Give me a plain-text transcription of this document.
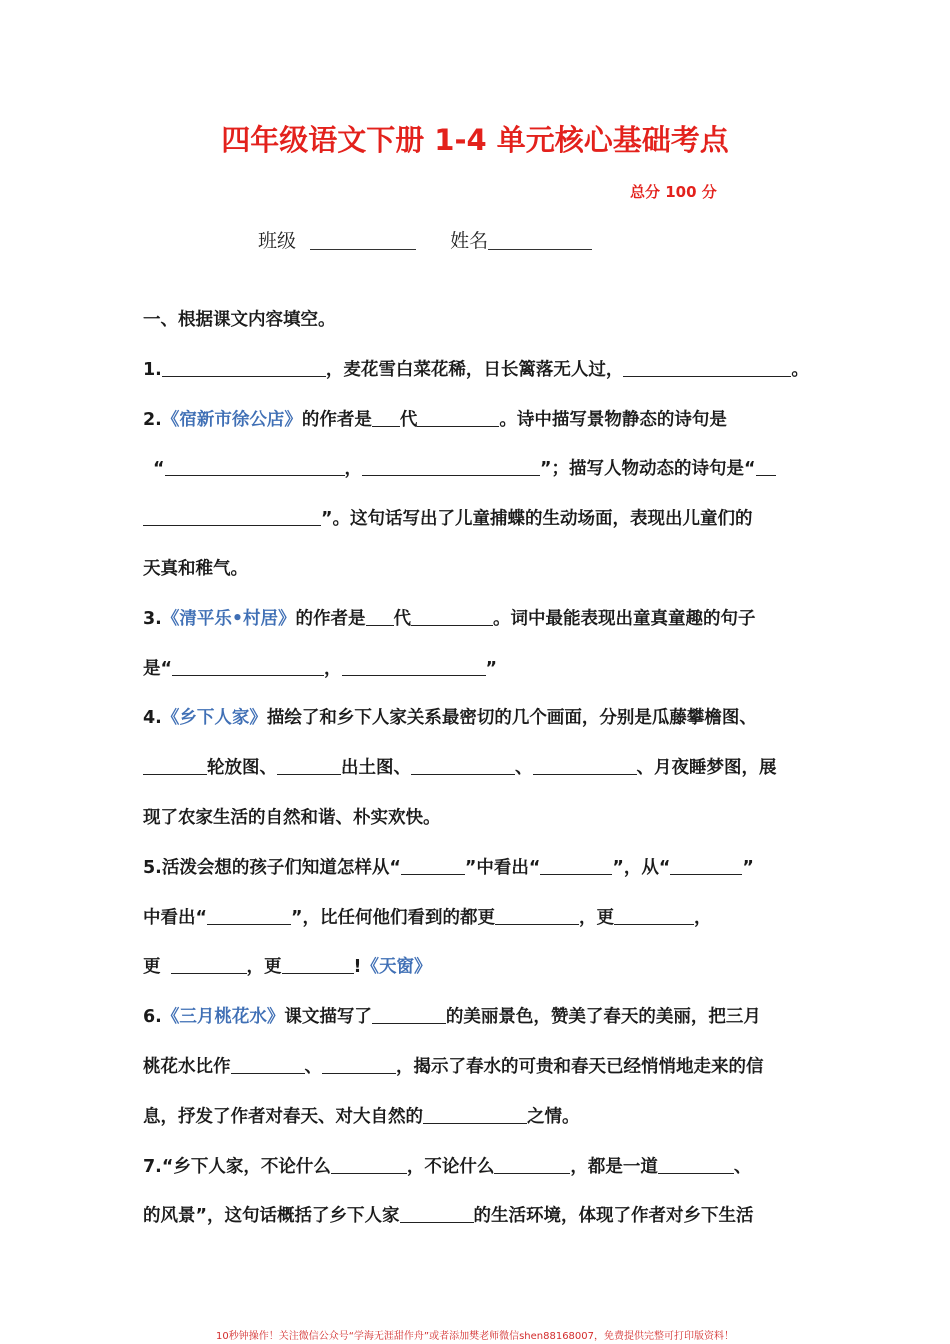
四年级语文下册 1-4 单元核心基础考点
总分 100 分
班级	姓名
一、根据课文内容填空。
1.	，麦花雪白菜花稀，日长篱落无人过，	。
2.《宿新市徐公店》的作者是 代	。诗中描写景物静态的诗句是
“	，	”；描写人物动态的诗句是“
”。这句话写出了儿童捕蝶的生动场面，表现出儿童们的
天真和稚气。
3.《清平乐•村居》的作者是 代	。词中最能表现出童真童趣的句子
是“	，	”
4.《乡下人家》描绘了和乡下人家关系最密切的几个画面，分别是瓜藤攀檐图、
轮放图、	出土图、	、	、月夜睡梦图，展
现了农家生活的自然和谐、朴实欢快。
5.活泼会想的孩子们知道怎样从“	”中看出“	”，从“	”
中看出“	”，比任何他们看到的都更	，更	，
更	，更	!《天窗》
6.《三月桃花水》课文描写了	的美丽景色，赞美了春天的美丽，把三月
桃花水比作	、	，揭示了春水的可贵和春天已经悄悄地走来的信
息，抒发了作者对春天、对大自然的	之情。
7.“乡下人家，不论什么	，不论什么	，都是一道	、
的风景”，这句话概括了乡下人家	的生活环境，体现了作者对乡下生活
10秒钟操作！关注微信公众号“学海无涯甜作舟”或者添加樊老师微信shen88168007，免费提供完整可打印版资料！
